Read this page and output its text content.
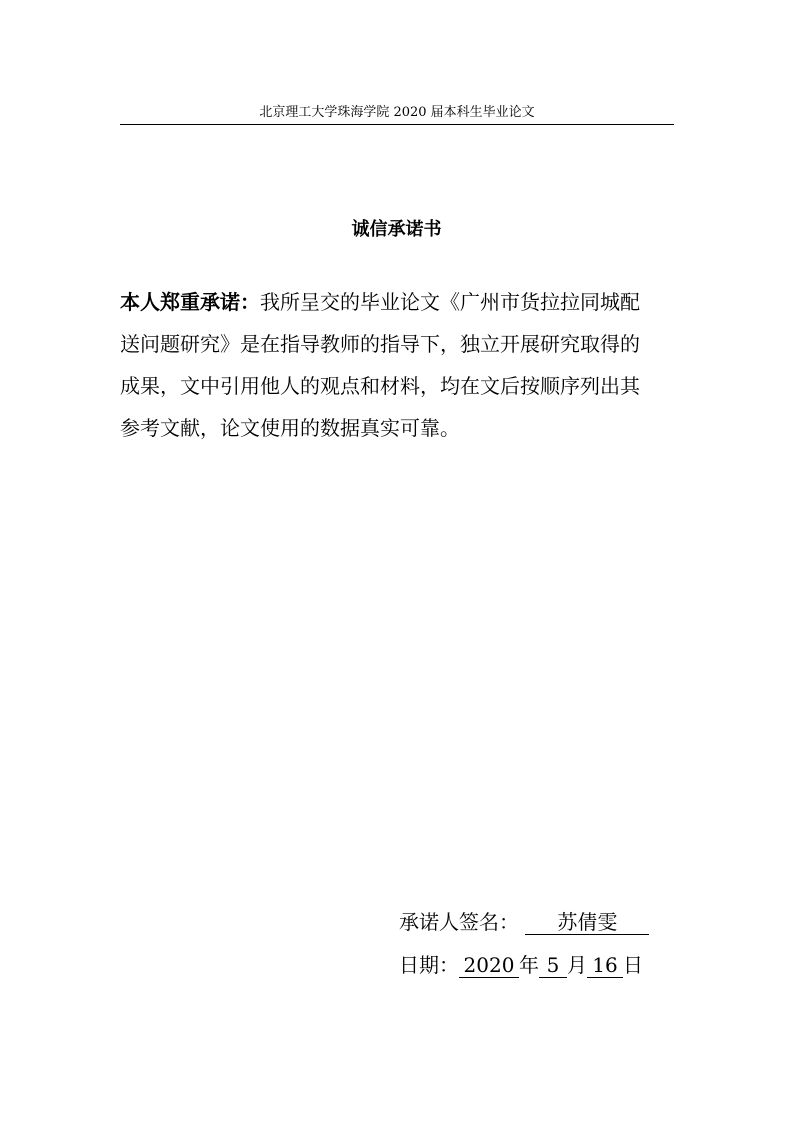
北京理工大学珠海学院 2020 届本科生毕业论文
诚信承诺书
本人郑重承诺：我所呈交的毕业论文《广州市货拉拉同城配送问题研究》是在指导教师的指导下，独立开展研究取得的成果，文中引用他人的观点和材料，均在文后按顺序列出其参考文献，论文使用的数据真实可靠。
承诺人签名： 苏倩雯
日期： 2020 年 5 月 16 日
